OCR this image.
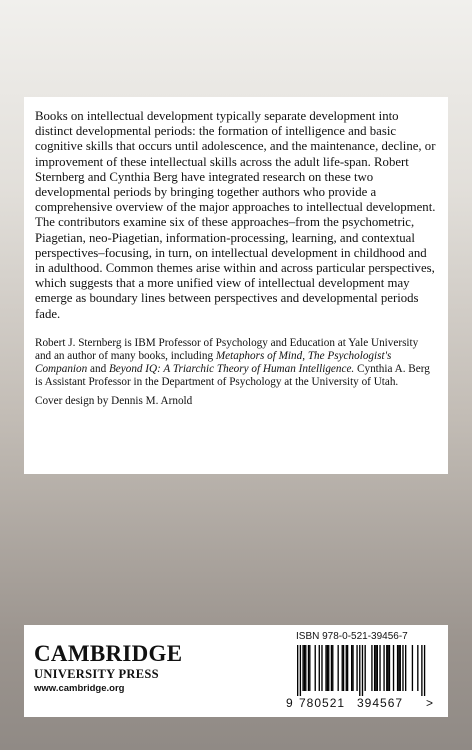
Books on intellectual development typically separate development into distinct developmental periods: the formation of intelligence and basic cognitive skills that occurs until adolescence, and the maintenance, decline, or improvement of these intellectual skills across the adult life-span. Robert Sternberg and Cynthia Berg have integrated research on these two developmental periods by bringing together authors who provide a comprehensive overview of the major approaches to intellectual development. The contributors examine six of these approaches–from the psychometric, Piagetian, neo-Piagetian, information-processing, learning, and contextual perspectives–focusing, in turn, on intellectual development in childhood and in adulthood. Common themes arise within and across particular perspectives, which suggests that a more unified view of intellectual development may emerge as boundary lines between perspectives and developmental periods fade.

Robert J. Sternberg is IBM Professor of Psychology and Education at Yale University and an author of many books, including Metaphors of Mind, The Psychologist's Companion and Beyond IQ: A Triarchic Theory of Human Intelligence. Cynthia A. Berg is Assistant Professor in the Department of Psychology at the University of Utah.

Cover design by Dennis M. Arnold

CAMBRIDGE
UNIVERSITY PRESS
www.cambridge.org
ISBN 978-0-521-39456-7
9 780521 394567 >
